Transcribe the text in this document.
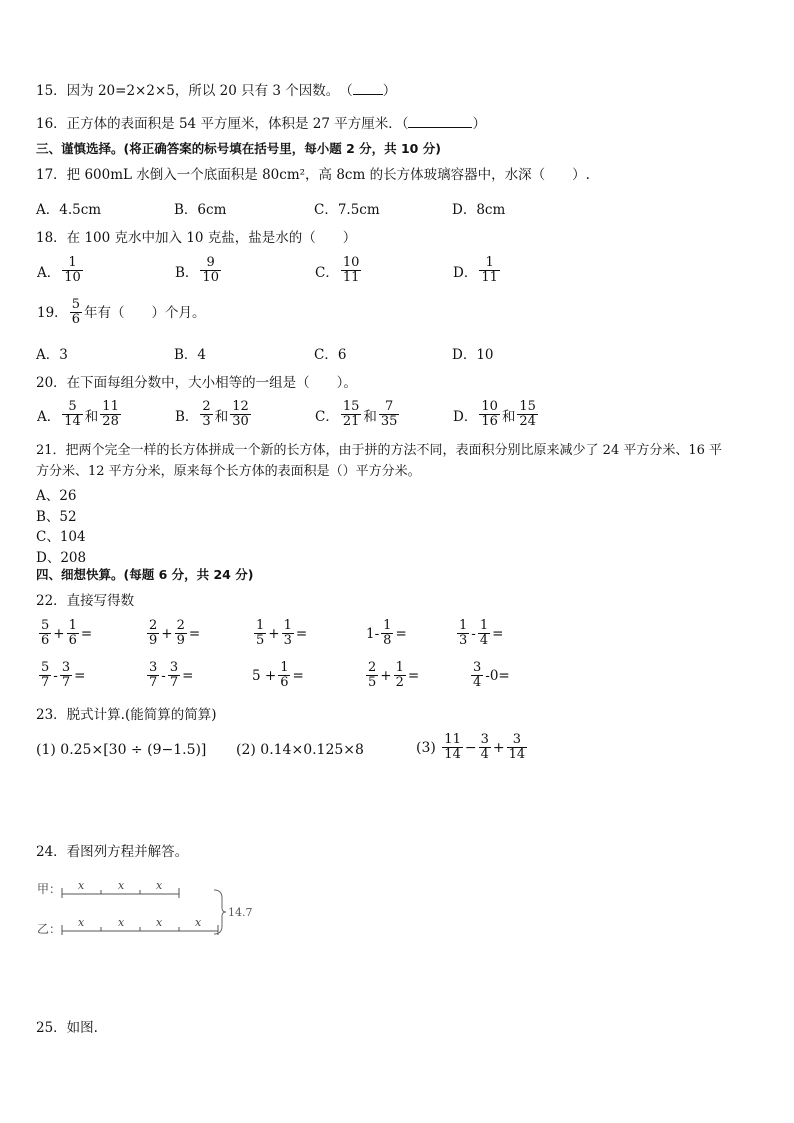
15．因为 20=2×2×5，所以 20 只有 3 个因数。　（ ）
16．正方体的表面积是 54 平方厘米，体积是 27 平方厘米．（	）
三、谨慎选择。(将正确答案的标号填在括号里，每小题 2 分，共 10 分)
17．把 600mL 水倒入一个底面积是 80cm²，高 8cm 的长方体玻璃容器中，水深（　　）.
A．4.5cm	B．6cm	C．7.5cm	D．8cm
18．在 100 克水中加入 10 克盐，盐是水的（　　）
A． $\frac{1}{10}$	B． $\frac{9}{10}$	C． $\frac{10}{11}$	D． $\frac{1}{11}$
19． $\frac{5}{6}$ 年有（　　）个月。
A．3	B．4	C．6	D．10
20．在下面每组分数中，大小相等的一组是（　　）。
A． $\frac{5}{14}$ 和 $\frac{11}{28}$	B． $\frac{2}{3}$ 和 $\frac{12}{30}$	C． $\frac{15}{21}$ 和 $\frac{7}{35}$	D． $\frac{10}{16}$ 和 $\frac{15}{24}$
21．把两个完全一样的长方体拼成一个新的长方体，由于拼的方法不同，表面积分别比原来减少了 24 平方分米、16 平
方分米、12 平方分米，原来每个长方体的表面积是（）平方分米。
A、26
B、52
C、104
D、208
四、细想快算。(每题 6 分，共 24 分)
22．直接写得数
$\frac{5}{6} + \frac{1}{6}$ =	$\frac{2}{9} + \frac{2}{9}$ =	$\frac{1}{5} + \frac{1}{3}$ =	$1- \frac{1}{8}$ =	$\frac{1}{3} - \frac{1}{4}$ =
$\frac{5}{7} - \frac{3}{7}$ =	$\frac{3}{7} - \frac{3}{7}$ =	$5 + \frac{1}{6}$ =	$\frac{2}{5} + \frac{1}{2}$ =	$\frac{3}{4} -0=$
23．脱式计算.(能简算的简算)
(1) 0.25×[30 ÷ (9−1.5)] (2) 0.14×0.125×8	$(3) \frac{11}{14} - \frac{3}{4} + \frac{3}{14}$
24．看图列方程并解答。
甲：
乙：
x	x	x
x	x	x	x
14.7
25．如图.
